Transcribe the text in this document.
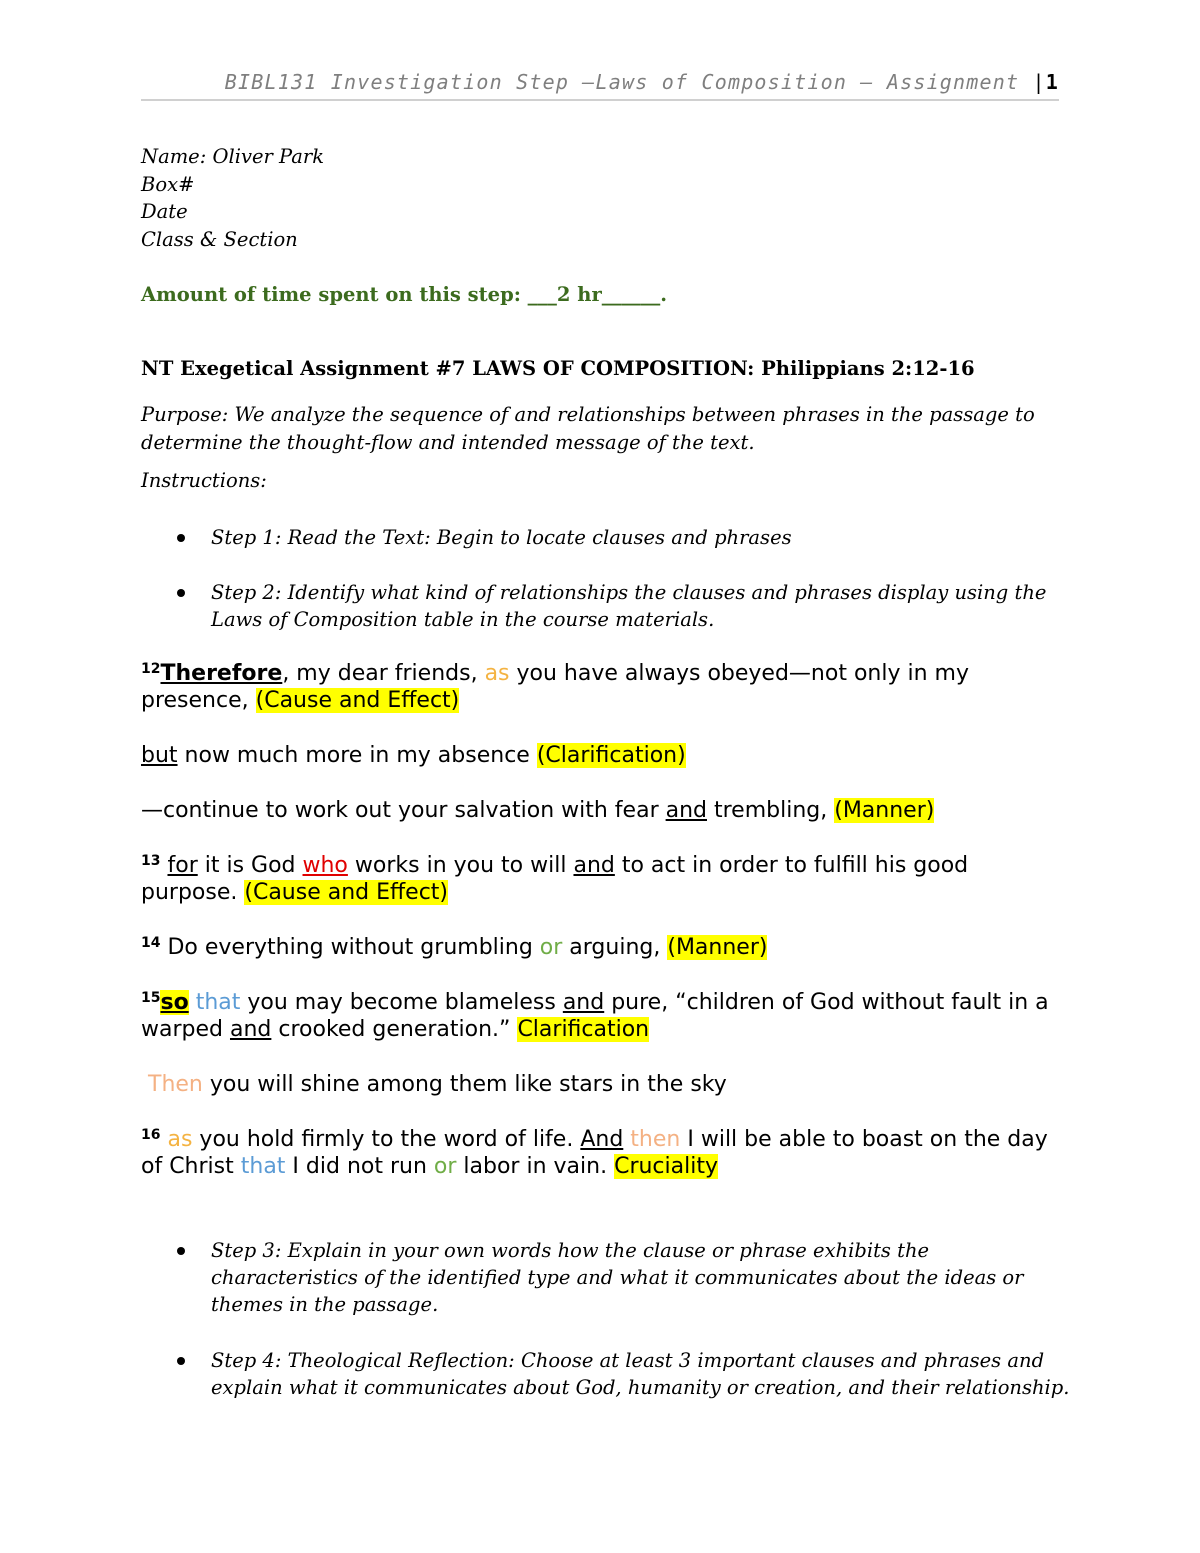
BIBL131 Investigation Step –Laws of Composition – Assignment |1
Name: Oliver Park
Box#
Date
Class & Section
Amount of time spent on this step: ___2 hr______.
NT Exegetical Assignment #7 LAWS OF COMPOSITION: Philippians 2:12-16
Purpose: We analyze the sequence of and relationships between phrases in the passage to determine the thought-flow and intended message of the text.
Instructions:
Step 1: Read the Text: Begin to locate clauses and phrases
Step 2: Identify what kind of relationships the clauses and phrases display using the Laws of Composition table in the course materials.
$^{12}$Therefore, my dear friends, as you have always obeyed—not only in my presence, (Cause and Effect)
but now much more in my absence (Clarification)
—continue to work out your salvation with fear and trembling, (Manner)
$^{13}$ for it is God who works in you to will and to act in order to fulfill his good purpose. (Cause and Effect)
$^{14}$ Do everything without grumbling or arguing, (Manner)
$^{15}$so that you may become blameless and pure, “children of God without fault in a warped and crooked generation.” Clarification
Then you will shine among them like stars in the sky
$^{16}$ as you hold firmly to the word of life. And then I will be able to boast on the day of Christ that I did not run or labor in vain. Cruciality
Step 3: Explain in your own words how the clause or phrase exhibits the characteristics of the identified type and what it communicates about the ideas or themes in the passage.
Step 4: Theological Reflection: Choose at least 3 important clauses and phrases and explain what it communicates about God, humanity or creation, and their relationship.
